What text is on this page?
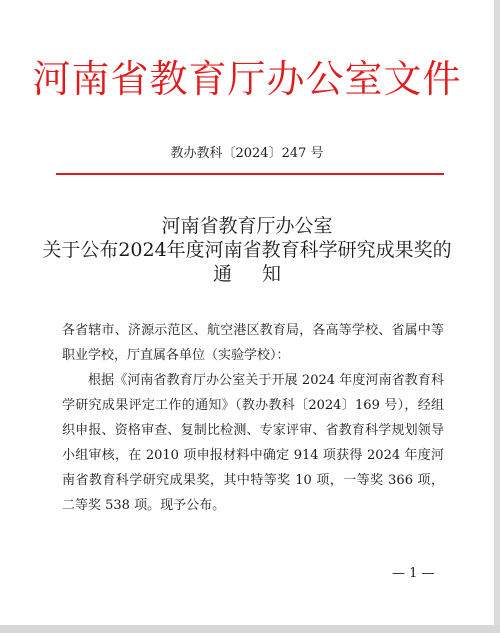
河南省教育厅办公室文件
教办教科〔2024〕247 号
河南省教育厅办公室
关于公布2024年度河南省教育科学研究成果奖的
通知

各省辖市、济源示范区、航空港区教育局，各高等学校、省属中等职业学校，厅直属各单位（实验学校）：

根据《河南省教育厅办公室关于开展 2024 年度河南省教育科学研究成果评定工作的通知》（教办教科〔2024〕169 号），经组织申报、资格审查、复制比检测、专家评审、省教育科学规划领导小组审核，在 2010 项申报材料中确定 914 项获得 2024 年度河南省教育科学研究成果奖，其中特等奖 10 项，一等奖 366 项，二等奖 538 项。现予公布。

— 1 —
